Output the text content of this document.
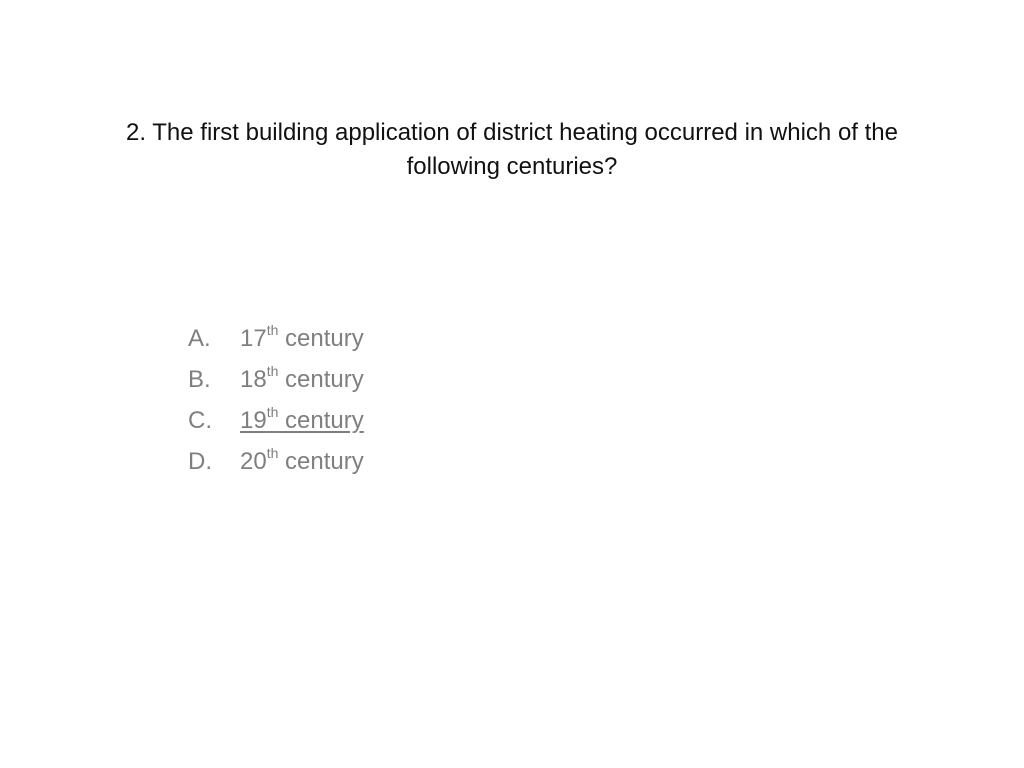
2. The first building application of district heating occurred in which of the following centuries?
A.	17th century
B.	18th century
C.	19th century
D.	20th century
